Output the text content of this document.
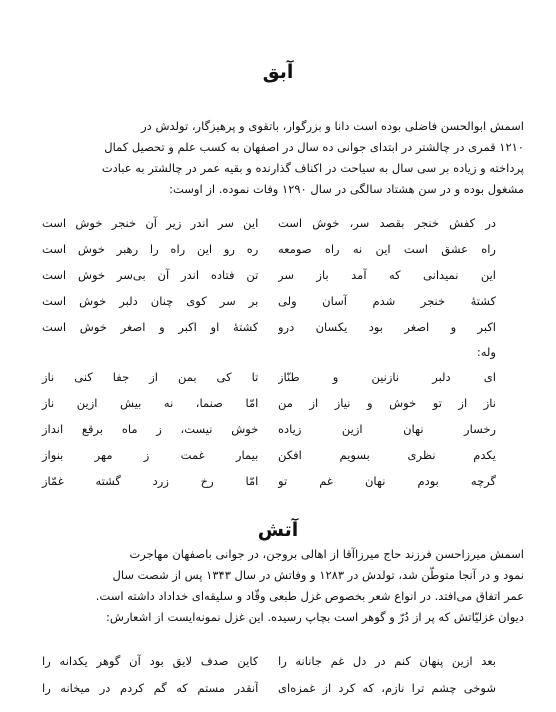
آبق
اسمش ابوالحسن فاضلی بوده است دانا و بزرگوار، باتقوی و پرهیزگار، تولدش در
۱۲۱۰ قمری در چالشتر در ابتدای جوانی ده سال در اصفهان به کسب علم و تحصیل کمال
پرداخته و زیاده بر سی سال به سیاحت در اکناف گذارنده و بقیه عمر در چالشتر به عبادت
مشغول بوده و در سن هشتاد سالگی در سال ۱۲۹۰ وفات نموده. از اوست:
در کفش خنجر بقصد سر، خوش است
این سر اندر زیر آن خنجر خوش است
راه عشق است این نه راه صومعه
ره رو این راه را رهبر خوش است
این نمیدانی که آمد باز سر
تن فتاده اندر آن بی‌سر خوش است
کشتهٔ خنجر شدم آسان ولی
بر سر کوی چنان دلبر خوش است
اکبر و اصغر بود یکسان درو
کشتهٔ او اکبر و اصغر خوش است
وله:
ای دلبر نازنین و طنّاز
تا کی بمن از جفا کنی ناز
ناز از تو خوش و نیاز از من
امّا صنما، نه بیش ازین ناز
رخسار نهان ازین زیاده
خوش نیست، ز ماه برقع انداز
یکدم نظری بسویم افکن
بیمار غمت ز مهر بنواز
گرچه بودم نهان غم تو
امّا رخ زرد گشته غمّاز
آتش
اسمش میرزاحسن فرزند حاج میرزاآقا از اهالی بروجن، در جوانی باصفهان مهاجرت
نمود و در آنجا متوطّن شد، تولدش در ۱۲۸۳ و وفاتش در سال ۱۳۴۳ پس از شصت سال
عمر اتفاق می‌افتد. در انواع شعر بخصوص غزل طبعی وقّاد و سلیقه‌ای خداداد داشته است.
دیوان غزلیّاتش که پر از دُرّ و گوهر است بچاپ رسیده. این غزل نمونه‌ایست از اشعارش:
بعد ازین پنهان کنم در دل غم جانانه را
کاین صدف لایق بود آن گوهر یکدانه را
شوخی چشم ترا نازم، که کرد از غمزه‌ای
آنقدر مستم که گم کردم در میخانه را
